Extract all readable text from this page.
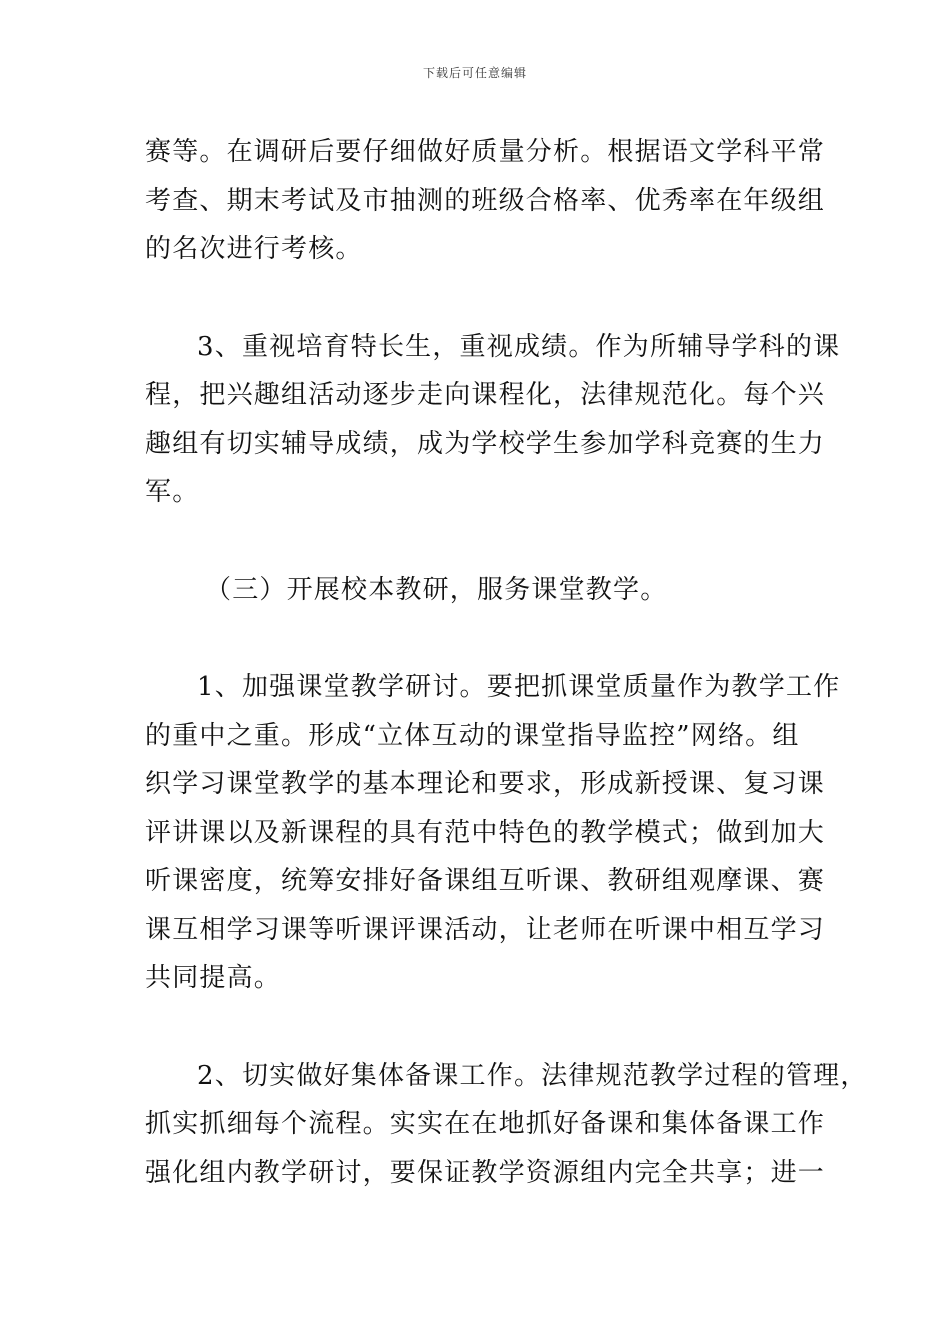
下载后可任意编辑

赛等。在调研后要仔细做好质量分析。根据语文学科平常
考查、期末考试及市抽测的班级合格率、优秀率在年级组
的名次进行考核。

3、重视培育特长生，重视成绩。作为所辅导学科的课
程，把兴趣组活动逐步走向课程化，法律规范化。每个兴
趣组有切实辅导成绩，成为学校学生参加学科竞赛的生力
军。

（三）开展校本教研，服务课堂教学。

1、加强课堂教学研讨。要把抓课堂质量作为教学工作
的重中之重。形成“立体互动的课堂指导监控”网络。组
织学习课堂教学的基本理论和要求，形成新授课、复习课
评讲课以及新课程的具有范中特色的教学模式；做到加大
听课密度，统筹安排好备课组互听课、教研组观摩课、赛
课互相学习课等听课评课活动，让老师在听课中相互学习
共同提高。

2、切实做好集体备课工作。法律规范教学过程的管理，
抓实抓细每个流程。实实在在地抓好备课和集体备课工作
强化组内教学研讨，要保证教学资源组内完全共享；进一
